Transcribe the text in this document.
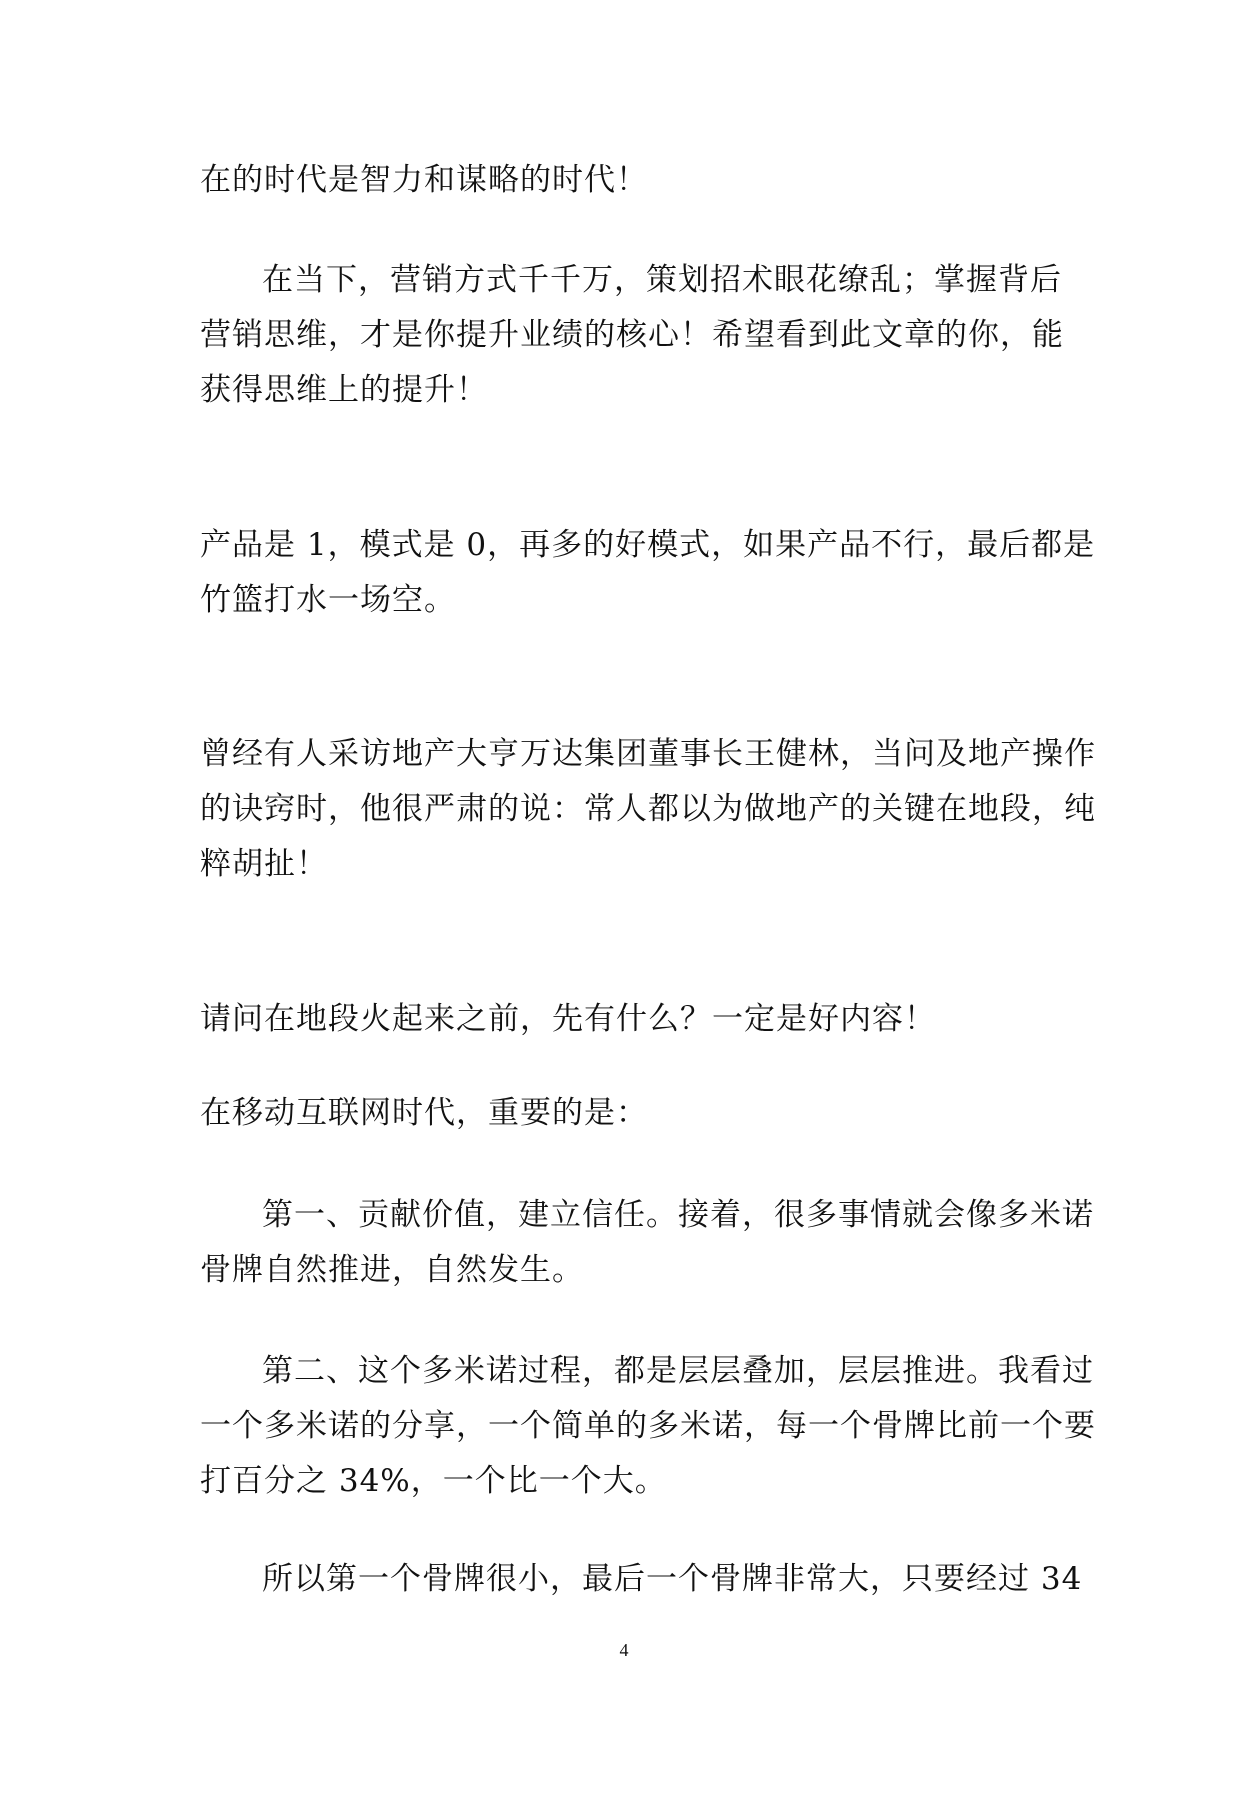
在的时代是智力和谋略的时代！
在当下，营销方式千千万，策划招术眼花缭乱；掌握背后
营销思维，才是你提升业绩的核心！希望看到此文章的你，能
获得思维上的提升！
产品是 1，模式是 0，再多的好模式，如果产品不行，最后都是
竹篮打水一场空。
曾经有人采访地产大亨万达集团董事长王健林，当问及地产操作
的诀窍时，他很严肃的说：常人都以为做地产的关键在地段，纯
粹胡扯！
请问在地段火起来之前，先有什么？一定是好内容！
在移动互联网时代，重要的是：
第一、贡献价值，建立信任。接着，很多事情就会像多米诺
骨牌自然推进，自然发生。
第二、这个多米诺过程，都是层层叠加，层层推进。我看过
一个多米诺的分享，一个简单的多米诺，每一个骨牌比前一个要
打百分之 34%，一个比一个大。
所以第一个骨牌很小，最后一个骨牌非常大，只要经过 34
4
